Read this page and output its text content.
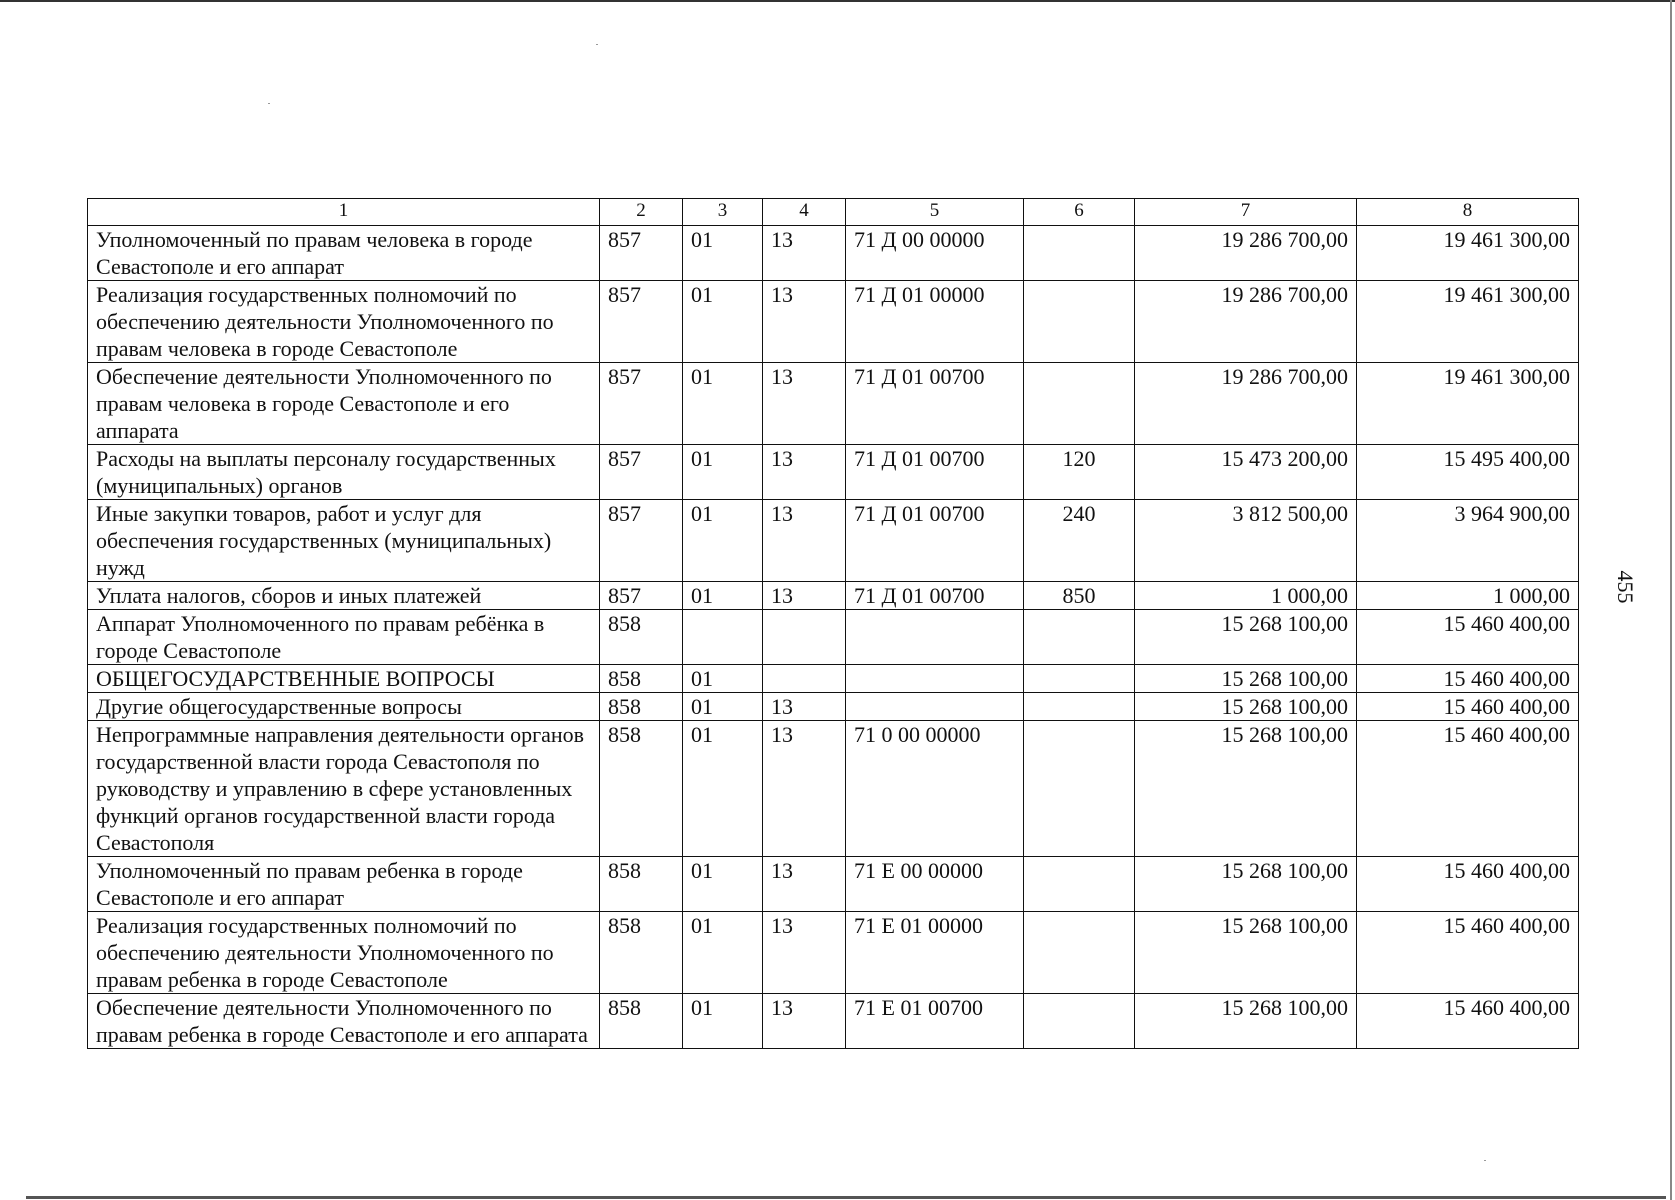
455
1	2	3	4	5	6	7	8
Уполномоченный по правам человека в городе Севастополе и его аппарат	857	01	13	71 Д 00 00000		19 286 700,00	19 461 300,00
Реализация государственных полномочий по обеспечению деятельности Уполномоченного по правам человека в городе Севастополе	857	01	13	71 Д 01 00000		19 286 700,00	19 461 300,00
Обеспечение деятельности Уполномоченного по правам человека в городе Севастополе и его аппарата	857	01	13	71 Д 01 00700		19 286 700,00	19 461 300,00
Расходы на выплаты персоналу государственных (муниципальных) органов	857	01	13	71 Д 01 00700	120	15 473 200,00	15 495 400,00
Иные закупки товаров, работ и услуг для обеспечения государственных (муниципальных) нужд	857	01	13	71 Д 01 00700	240	3 812 500,00	3 964 900,00
Уплата налогов, сборов и иных платежей	857	01	13	71 Д 01 00700	850	1 000,00	1 000,00
Аппарат Уполномоченного по правам ребёнка в городе Севастополе	858					15 268 100,00	15 460 400,00
ОБЩЕГОСУДАРСТВЕННЫЕ ВОПРОСЫ	858	01				15 268 100,00	15 460 400,00
Другие общегосударственные вопросы	858	01	13			15 268 100,00	15 460 400,00
Непрограммные направления деятельности органов государственной власти города Севастополя по руководству и управлению в сфере установленных функций органов государственной власти города Севастополя	858	01	13	71 0 00 00000		15 268 100,00	15 460 400,00
Уполномоченный по правам ребенка в городе Севастополе и его аппарат	858	01	13	71 Е 00 00000		15 268 100,00	15 460 400,00
Реализация государственных полномочий по обеспечению деятельности Уполномоченного по правам ребенка в городе Севастополе	858	01	13	71 Е 01 00000		15 268 100,00	15 460 400,00
Обеспечение деятельности Уполномоченного по правам ребенка в городе Севастополе и его аппарата	858	01	13	71 Е 01 00700		15 268 100,00	15 460 400,00
